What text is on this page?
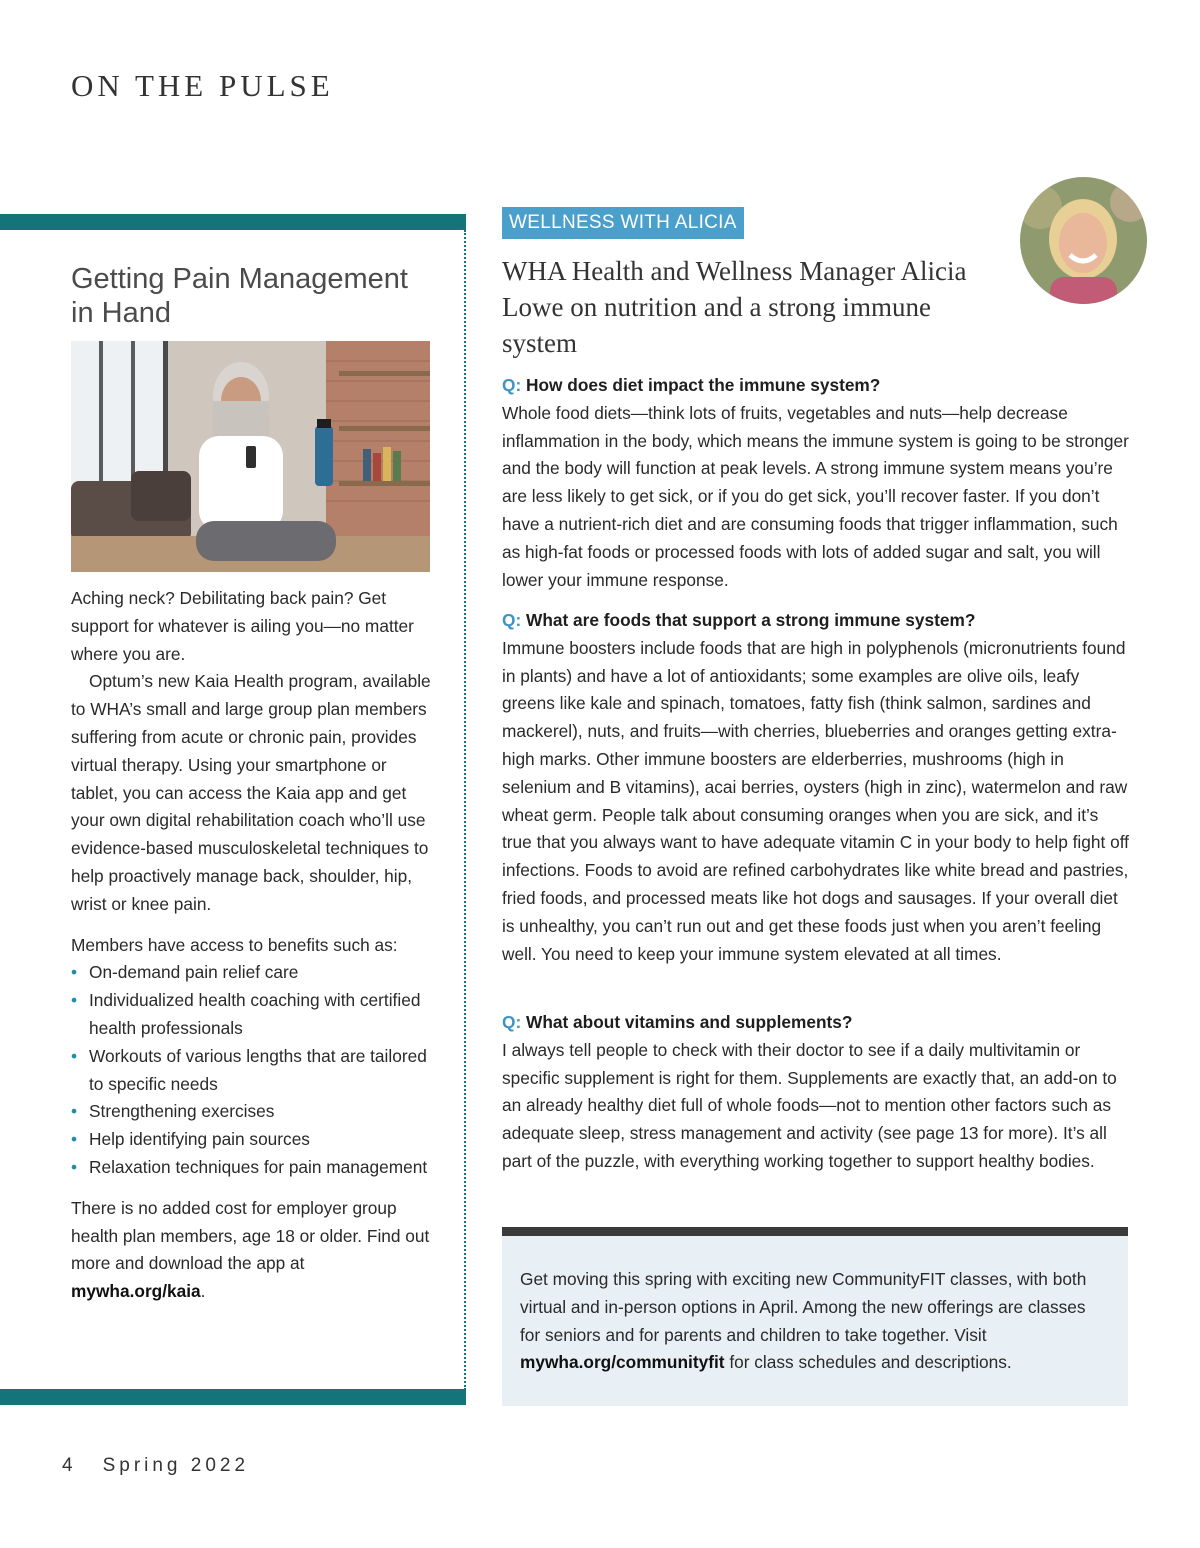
ON THE PULSE
Getting Pain Management
in Hand

Aching neck? Debilitating back pain? Get support for whatever is ailing you—no matter where you are.

Optum’s new Kaia Health program, available to WHA’s small and large group plan members suffering from acute or chronic pain, provides virtual therapy. Using your smartphone or tablet, you can access the Kaia app and get your own digital rehabilitation coach who’ll use evidence-based musculoskeletal techniques to help proactively manage back, shoulder, hip, wrist or knee pain.

Members have access to benefits such as:

• On-demand pain relief care
• Individualized health coaching with certified health professionals
• Workouts of various lengths that are tailored to specific needs
• Strengthening exercises
• Help identifying pain sources
• Relaxation techniques for pain management

There is no added cost for employer group health plan members, age 18 or older. Find out more and download the app at mywha.org/kaia.

WELLNESS WITH ALICIA
WHA Health and Wellness Manager Alicia Lowe on nutrition and a strong immune system

Q: How does diet impact the immune system?

Whole food diets—think lots of fruits, vegetables and nuts—help decrease inflammation in the body, which means the immune system is going to be stronger and the body will function at peak levels. A strong immune system means you’re are less likely to get sick, or if you do get sick, you’ll recover faster. If you don’t have a nutrient-rich diet and are consuming foods that trigger inflammation, such as high-fat foods or processed foods with lots of added sugar and salt, you will lower your immune response.

Q: What are foods that support a strong immune system?

Immune boosters include foods that are high in polyphenols (micronutrients found in plants) and have a lot of antioxidants; some examples are olive oils, leafy greens like kale and spinach, tomatoes, fatty fish (think salmon, sardines and mackerel), nuts, and fruits—with cherries, blueberries and oranges getting extra-high marks. Other immune boosters are elderberries, mushrooms (high in selenium and B vitamins), acai berries, oysters (high in zinc), watermelon and raw wheat germ. People talk about consuming oranges when you are sick, and it’s true that you always want to have adequate vitamin C in your body to help fight off infections. Foods to avoid are refined carbohydrates like white bread and pastries, fried foods, and processed meats like hot dogs and sausages. If your overall diet is unhealthy, you can’t run out and get these foods just when you aren’t feeling well. You need to keep your immune system elevated at all times.

Q: What about vitamins and supplements?

I always tell people to check with their doctor to see if a daily multivitamin or specific supplement is right for them. Supplements are exactly that, an add-on to an already healthy diet full of whole foods—not to mention other factors such as adequate sleep, stress management and activity (see page 13 for more). It’s all part of the puzzle, with everything working together to support healthy bodies.

Get moving this spring with exciting new CommunityFIT classes, with both virtual and in-person options in April. Among the new offerings are classes for seniors and for parents and children to take together. Visit mywha.org/communityfit for class schedules and descriptions.

4 Spring 2022
